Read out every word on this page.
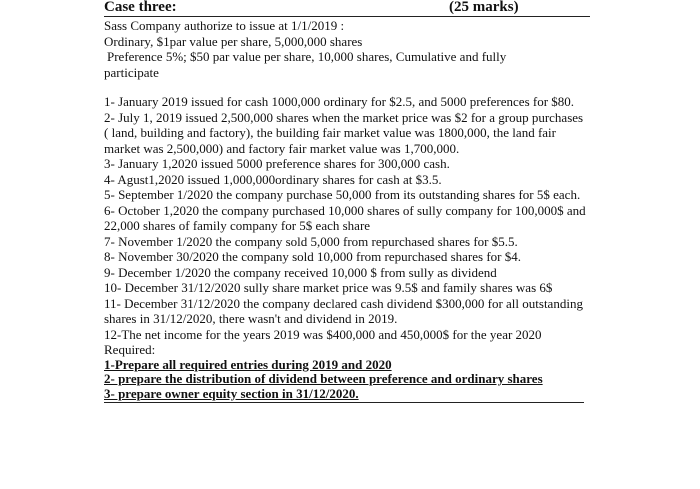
Case three:	(25 marks)
Sass Company authorize to issue at 1/1/2019 :
Ordinary, $1par value per share, 5,000,000 shares
Preference 5%; $50 par value per share, 10,000 shares, Cumulative and fully
participate
1- January 2019 issued for cash 1000,000 ordinary for $2.5, and 5000 preferences for $80.
2- July 1, 2019 issued 2,500,000 shares when the market price was $2 for a group purchases ( land, building and factory), the building fair market value was 1800,000, the land fair market was 2,500,000) and factory fair market value was 1,700,000.
3- January 1,2020 issued 5000 preference shares for 300,000 cash.
4- Agust1,2020 issued 1,000,000ordinary shares for cash at $3.5.
5- September 1/2020 the company purchase 50,000 from its outstanding shares for 5$ each.
6- October 1,2020 the company purchased 10,000 shares of sully company for 100,000$ and 22,000 shares of family company for 5$ each share
7- November 1/2020 the company sold 5,000 from repurchased shares for $5.5.
8- November 30/2020 the company sold 10,000 from repurchased shares for $4.
9- December 1/2020 the company received 10,000 $ from sully as dividend
10- December 31/12/2020 sully share market price was 9.5$ and family shares was 6$
11- December 31/12/2020 the company declared cash dividend $300,000 for all outstanding shares in 31/12/2020, there wasn't and dividend in 2019.
12-The net income for the years 2019 was $400,000 and 450,000$ for the year 2020
Required:
1-Prepare all required entries during 2019 and 2020
2- prepare the distribution of dividend between preference and ordinary shares
3- prepare owner equity section in 31/12/2020.
